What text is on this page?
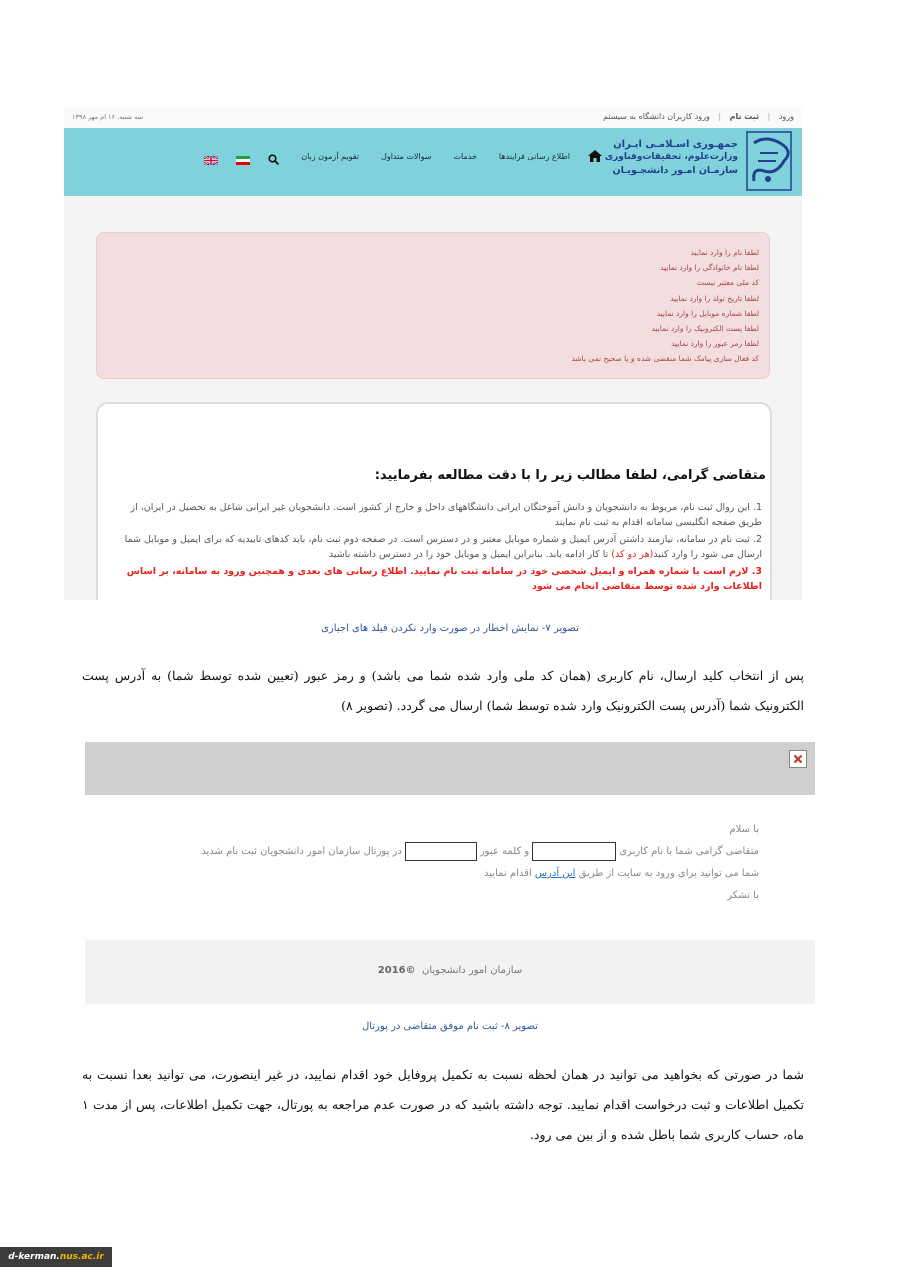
ورود | ثبت نام | ورود کاربران دانشگاه به سیستم
سه شنبه، ۱۶ ام مهر ۱۳۹۸
جمهـوری اسـلامـی ایـران
وزارت‌علوم، تحقیقات‌وفناوری
سازمـان امـور دانشجـویـان
اطلاع رسانی فرایندها
خدمات
سوالات متداول
تقویم آزمون زبان
لطفا نام را وارد نمایید
لطفا نام خانوادگی را وارد نمایید
کد ملی معتبر نیست
لطفا تاریخ تولد را وارد نمایید
لطفا شماره موبایل را وارد نمایید
لطفا پست الکترونیک را وارد نمایید
لطفا رمز عبور را وارد نمایید
کد فعال سازی پیامک شما منقضی شده و یا صحیح نمی باشد
متقاضی گرامی، لطفا مطالب زیر را با دقت مطالعه بفرمایید:

1. این روال ثبت نام، مربوط به دانشجویان و دانش آموختگان ایرانی دانشگاههای داخل و خارج از کشور است. دانشجویان غیر ایرانی شاغل به تحصیل در ایران، از طریق صفحه انگلیسی سامانه اقدام به ثبت نام نمایند

2. ثبت نام در سامانه، نیازمند داشتن آدرس ایمیل و شماره موبایل معتبر و در دسترس است. در صفحه دوم ثبت نام، باید کدهای تاییدیه که برای ایمیل و موبایل شما ارسال می شود را وارد کنید(هر دو کد) تا کار ادامه یابد. بنابراین ایمیل و موبایل خود را در دسترس داشته باشید

3. لازم است با شماره همراه و ایمیل شخصی خود در سامانه ثبت نام نمایید. اطلاع رسانی های بعدی و همچنین ورود به سامانه، بر اساس اطلاعات وارد شده توسط متقاضی انجام می شود

تصویر ۷- نمایش اخطار در صورت وارد نکردن فیلد های اجباری
پس از انتخاب کلید ارسال، نام کاربری (همان کد ملی وارد شده شما می باشد) و رمز عبور (تعیین شده توسط شما) به آدرس پست الکترونیک شما (آدرس پست الکترونیک وارد شده توسط شما) ارسال می گردد. (تصویر ۸)
با سلام
متقاضی گرامی شما با نام کاربریو کلمه عبوردر پورتال سازمان امور دانشجویان ثبت نام شدید
شما می توانید برای ورود به سایت از طریق این آدرس اقدام نمایید
با تشکر
سازمان امور دانشجویان  ©2016
تصویر ۸- ثبت نام موفق متقاضی در پورتال
شما در صورتی که بخواهید می توانید در همان لحظه نسبت به تکمیل پروفایل خود اقدام نمایید، در غیر اینصورت، می توانید بعدا نسبت به تکمیل اطلاعات و ثبت درخواست اقدام نمایید. توجه داشته باشید که در صورت عدم مراجعه به پورتال، جهت تکمیل اطلاعات، پس از مدت ۱ ماه، حساب کاربری شما باطل شده و از بین می رود.
d-kerman.nus.ac.ir
